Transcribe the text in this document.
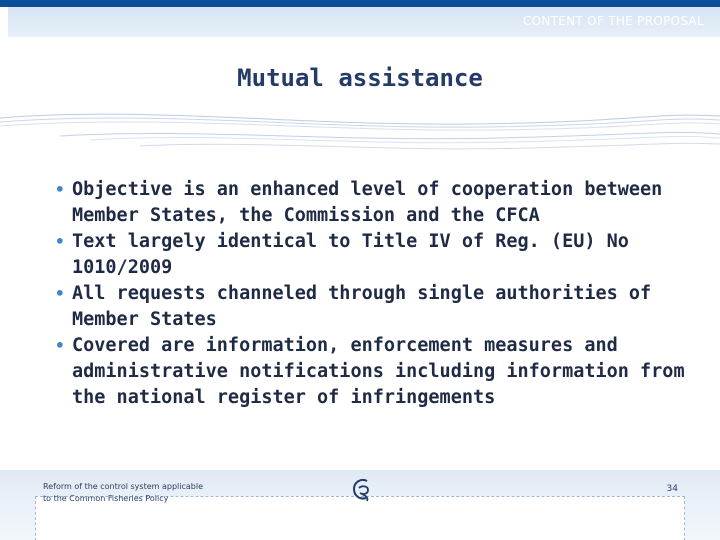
CONTENT OF THE PROPOSAL
Mutual assistance
• Objective is an enhanced level of cooperation between Member States, the Commission and the CFCA
• Text largely identical to Title IV of Reg. (EU) No 1010/2009
• All requests channeled through single authorities of Member States
• Covered are information, enforcement measures and administrative notifications including information from the national register of infringements
Reform of the control system applicable
to the Common Fisheries Policy
34
